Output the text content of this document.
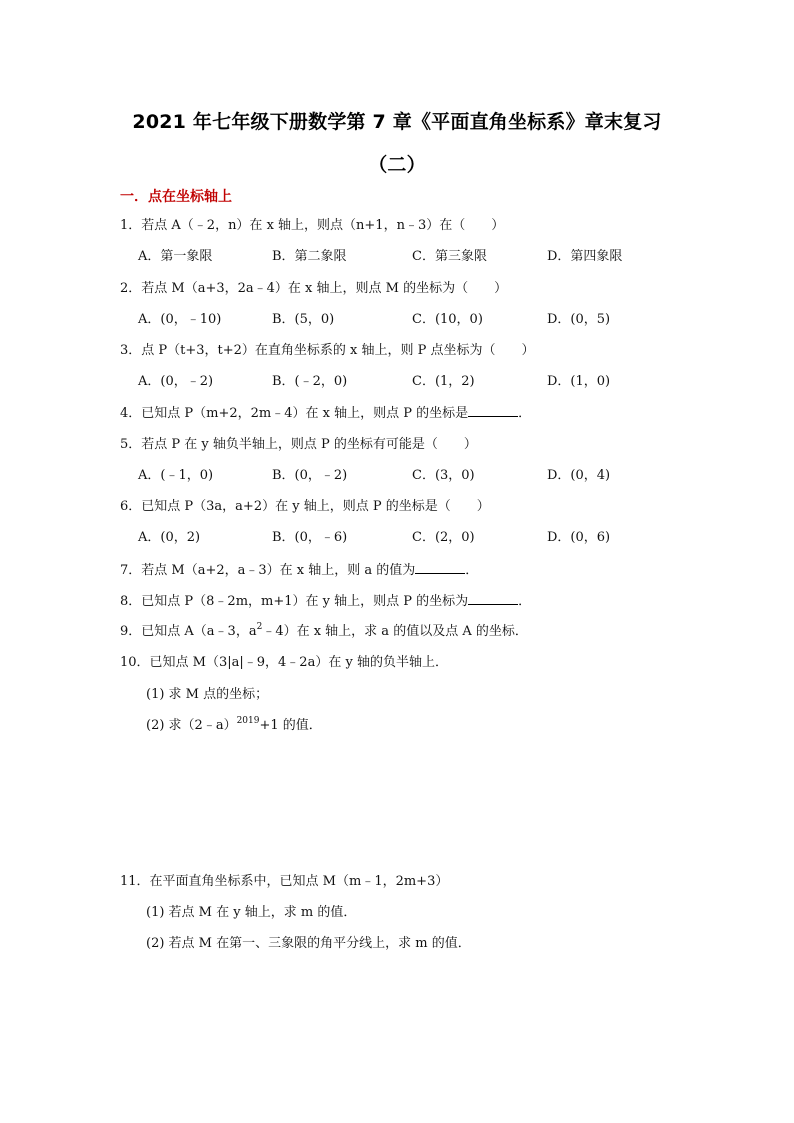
2021 年七年级下册数学第 7 章《平面直角坐标系》章末复习
（二）
一．点在坐标轴上
1．若点 A（﹣2，n）在 x 轴上，则点（n+1，n﹣3）在（　　）
A．第一象限	B．第二象限	C．第三象限	D．第四象限
2．若点 M（a+3，2a﹣4）在 x 轴上，则点 M 的坐标为（　　）
A．(0，﹣10)	B．(5，0)	C．(10，0)	D．(0，5)
3．点 P（t+3，t+2）在直角坐标系的 x 轴上，则 P 点坐标为（　　）
A．(0，﹣2)	B．(﹣2，0)	C．(1，2)	D．(1，0)
4．已知点 P（m+2，2m﹣4）在 x 轴上，则点 P 的坐标是	．
5．若点 P 在 y 轴负半轴上，则点 P 的坐标有可能是（　　）
A．(﹣1，0)	B．(0，﹣2)	C．(3，0)	D．(0，4)
6．已知点 P（3a，a+2）在 y 轴上，则点 P 的坐标是（　　）
A．(0，2)	B．(0，﹣6)	C．(2，0)	D．(0，6)
7．若点 M（a+2，a﹣3）在 x 轴上，则 a 的值为	．
8．已知点 P（8﹣2m，m+1）在 y 轴上，则点 P 的坐标为	．
9．已知点 A（a﹣3，$a^2﹣4$）在 x 轴上，求 a 的值以及点 A 的坐标．
10．已知点 M（3|a|﹣9，4﹣2a）在 y 轴的负半轴上．
(1) 求 M 点的坐标；
(2) 求（2﹣a）$^{2019}$+1 的值．
11．在平面直角坐标系中，已知点 M（m﹣1，2m+3）
(1) 若点 M 在 y 轴上，求 m 的值．
(2) 若点 M 在第一、三象限的角平分线上，求 m 的值．
